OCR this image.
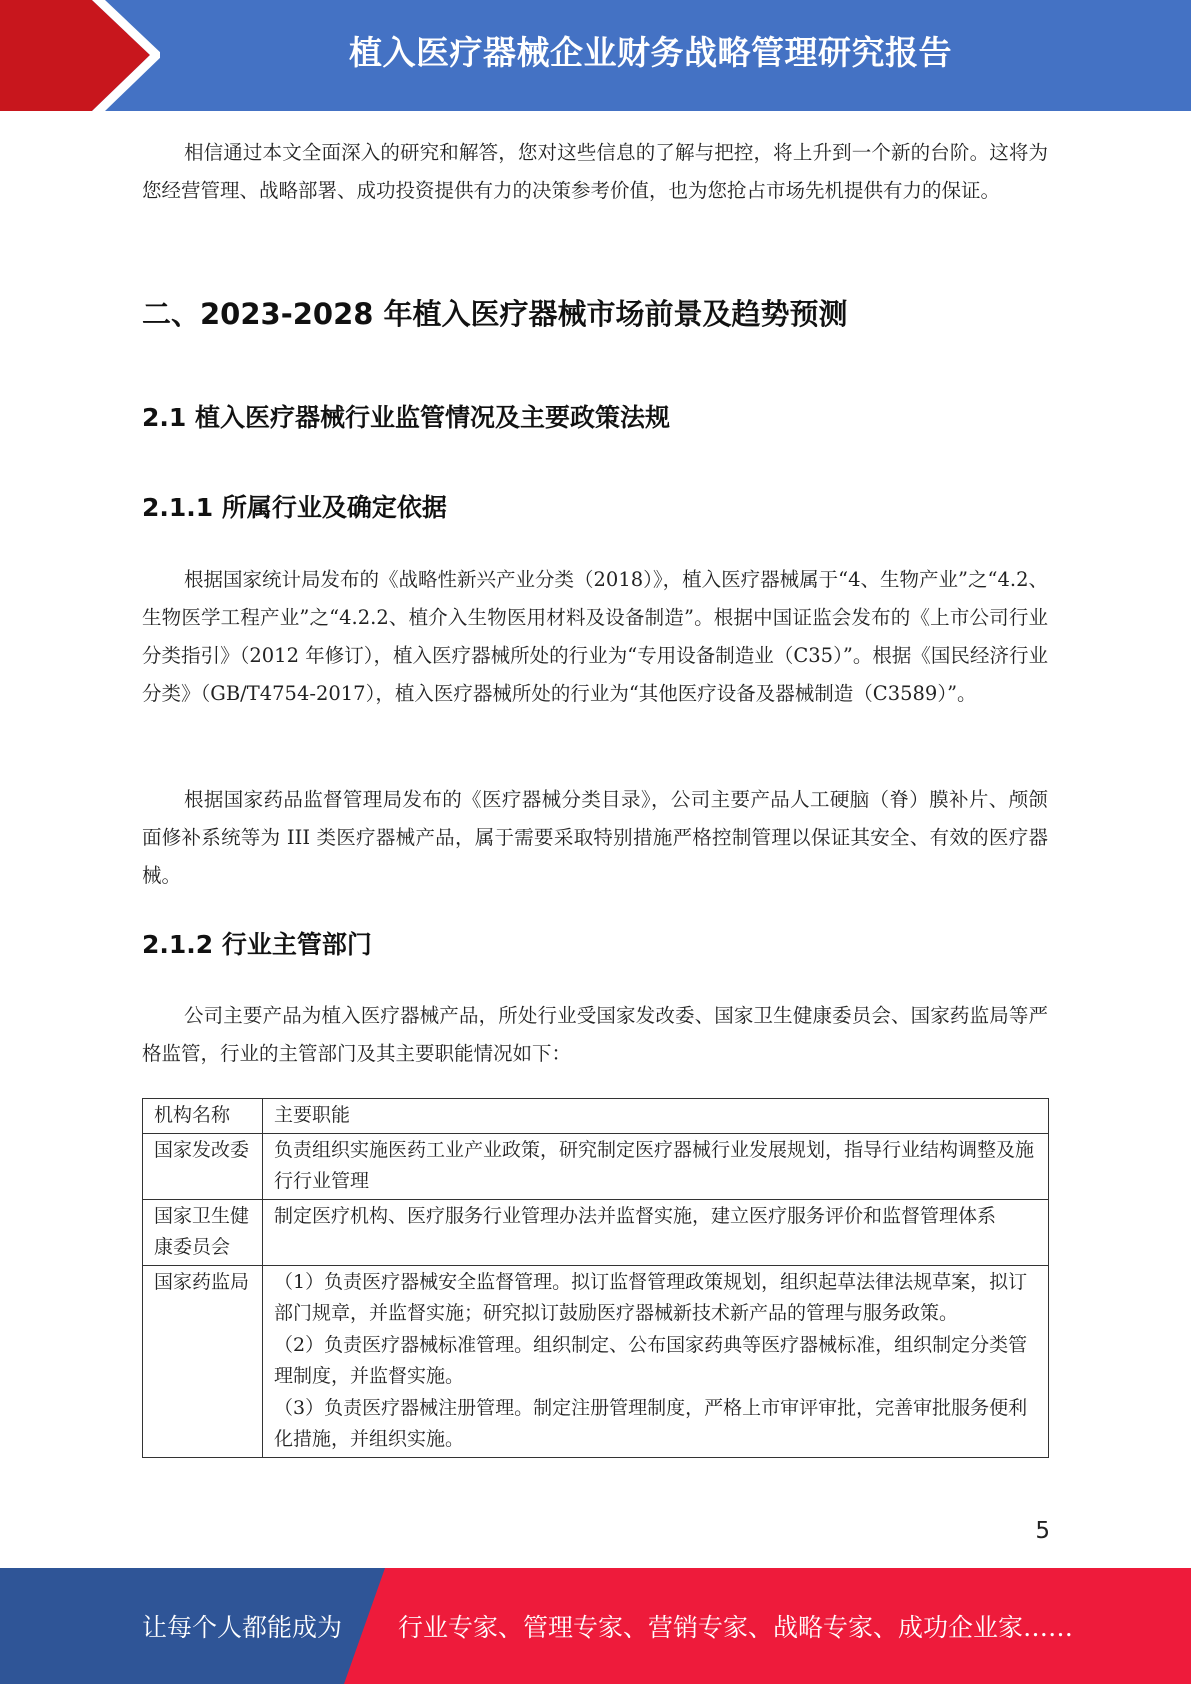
植入医疗器械企业财务战略管理研究报告

相信通过本文全面深入的研究和解答，您对这些信息的了解与把控，将上升到一个新的台阶。这将为您经营管理、战略部署、成功投资提供有力的决策参考价值，也为您抢占市场先机提供有力的保证。

二、2023-2028 年植入医疗器械市场前景及趋势预测
2.1 植入医疗器械行业监管情况及主要政策法规
2.1.1 所属行业及确定依据

根据国家统计局发布的《战略性新兴产业分类（2018）》，植入医疗器械属于“4、生物产业”之“4.2、生物医学工程产业”之“4.2.2、植介入生物医用材料及设备制造”。根据中国证监会发布的《上市公司行业分类指引》（2012 年修订），植入医疗器械所处的行业为“专用设备制造业（C35）”。根据《国民经济行业分类》（GB/T4754-2017），植入医疗器械所处的行业为“其他医疗设备及器械制造（C3589）”。

根据国家药品监督管理局发布的《医疗器械分类目录》，公司主要产品人工硬脑（脊）膜补片、颅颌面修补系统等为 III 类医疗器械产品，属于需要采取特别措施严格控制管理以保证其安全、有效的医疗器械。

2.1.2 行业主管部门

公司主要产品为植入医疗器械产品，所处行业受国家发改委、国家卫生健康委员会、国家药监局等严格监管，行业的主管部门及其主要职能情况如下：

机构名称	主要职能
国家发改委	负责组织实施医药工业产业政策，研究制定医疗器械行业发展规划，指导行业结构调整及施行行业管理

国家卫生健康委员会	制定医疗机构、医疗服务行业管理办法并监督实施，建立医疗服务评价和监督管理体系

国家药监局	（1）负责医疗器械安全监督管理。拟订监督管理政策规划，组织起草法律法规草案，拟订部门规章，并监督实施；研究拟订鼓励医疗器械新技术新产品的管理与服务政策。
（2）负责医疗器械标准管理。组织制定、公布国家药典等医疗器械标准，组织制定分类管理制度，并监督实施。
（3）负责医疗器械注册管理。制定注册管理制度，严格上市审评审批，完善审批服务便利化措施，并组织实施。
5
让每个人都能成为 行业专家、管理专家、营销专家、战略专家、成功企业家……
